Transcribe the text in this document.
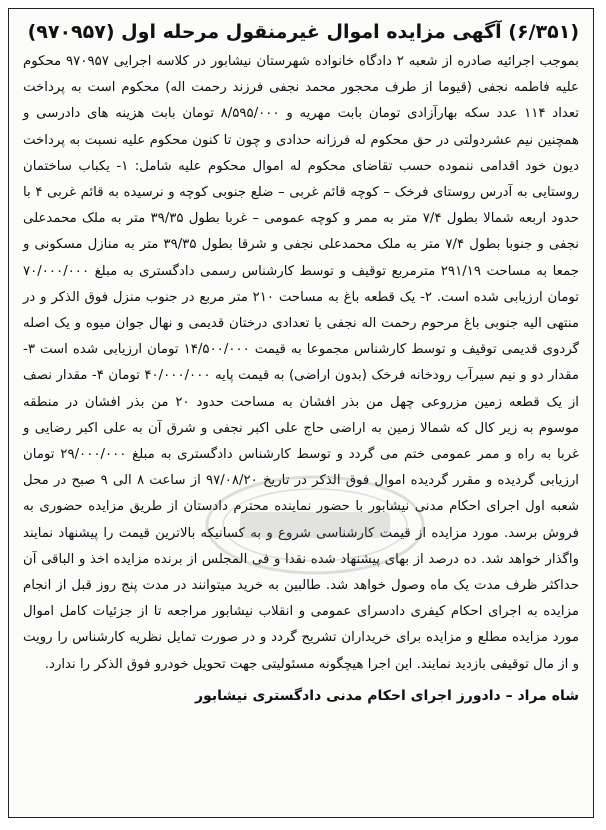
(۶/۳۵۱) آگهی مزایده اموال غیرمنقول مرحله اول (۹۷۰۹۵۷)

بموجب اجرائیه صادره از شعبه ۲ دادگاه خانواده شهرستان نیشابور در کلاسه اجرایی ۹۷۰۹۵۷ محکوم علیه فاطمه نجفی (قیوما از طرف محجور محمد نجفی فرزند رحمت اله) محکوم است به پرداخت تعداد ۱۱۴ عدد سکه بهارآزادی تومان بابت مهریه و ۸/۵۹۵/۰۰۰ تومان بابت هزینه های دادرسی و همچنین نیم عشردولتی در حق محکوم له فرزانه حدادی و چون تا کنون محکوم علیه نسبت به پرداخت دیون خود اقدامی ننموده حسب تقاضای محکوم له اموال محکوم علیه شامل: ۱- یکباب ساختمان روستایی به آدرس روستای فرخک – کوچه قائم غربی – ضلع جنوبی کوچه و نرسیده به قائم غربی ۴ با حدود اربعه شمالا بطول ۷/۴ متر به ممر و کوچه عمومی – غربا بطول ۳۹/۳۵ متر به ملک محمدعلی نجفی و جنوبا بطول ۷/۴ متر به ملک محمدعلی نجفی و شرقا بطول ۳۹/۳۵ متر به منازل مسکونی و جمعا به مساحت ۲۹۱/۱۹ مترمربع توقیف و توسط کارشناس رسمی دادگستری به مبلغ ۷۰/۰۰۰/۰۰۰ تومان ارزیابی شده است. ۲- یک قطعه باغ به مساحت ۲۱۰ متر مربع در جنوب منزل فوق الذکر و در منتهی الیه جنوبی باغ مرحوم رحمت اله نجفی با تعدادی درختان قدیمی و نهال جوان میوه و یک اصله گردوی قدیمی توقیف و توسط کارشناس مجموعا به قیمت ۱۴/۵۰۰/۰۰۰ تومان ارزیابی شده است ۳- مقدار دو و نیم سیرآب رودخانه فرخک (بدون اراضی) به قیمت پایه ۴۰/۰۰۰/۰۰۰ تومان ۴- مقدار نصف از یک قطعه زمین مزروعی چهل من بذر افشان به مساحت حدود ۲۰ من بذر افشان در منطقه موسوم به زیر کال که شمالا زمین به اراضی حاج علی اکبر نجفی و شرق آن به علی اکبر رضایی و غربا به راه و ممر عمومی ختم می گردد و توسط کارشناس دادگستری به مبلغ ۲۹/۰۰۰/۰۰۰ تومان ارزیابی گردیده و مقرر گردیده اموال فوق الذکر در تاریخ ۹۷/۰۸/۲۰ از ساعت ۸ الی ۹ صبح در محل شعبه اول اجرای احکام مدنی نیشابور با حضور نماینده محترم دادستان از طریق مزایده حضوری به فروش برسد. مورد مزایده از قیمت کارشناسی شروع و به کسانیکه بالاترین قیمت را پیشنهاد نمایند واگذار خواهد شد. ده درصد از بهای پیشنهاد شده نقدا و فی المجلس از برنده مزایده اخذ و الباقی آن حداکثر ظرف مدت یک ماه وصول خواهد شد. طالبین به خرید میتوانند در مدت پنج روز قبل از انجام مزایده به اجرای احکام کیفری دادسرای عمومی و انقلاب نیشابور مراجعه تا از جزئیات کامل اموال مورد مزایده مطلع و مزایده برای خریداران تشریح گردد و در صورت تمایل نظریه کارشناس را رویت و از مال توقیفی بازدید نمایند. این اجرا هیچگونه مسئولیتی جهت تحویل خودرو فوق الذکر را ندارد.

شاه مراد – دادورز اجرای احکام مدنی دادگستری نیشابور
